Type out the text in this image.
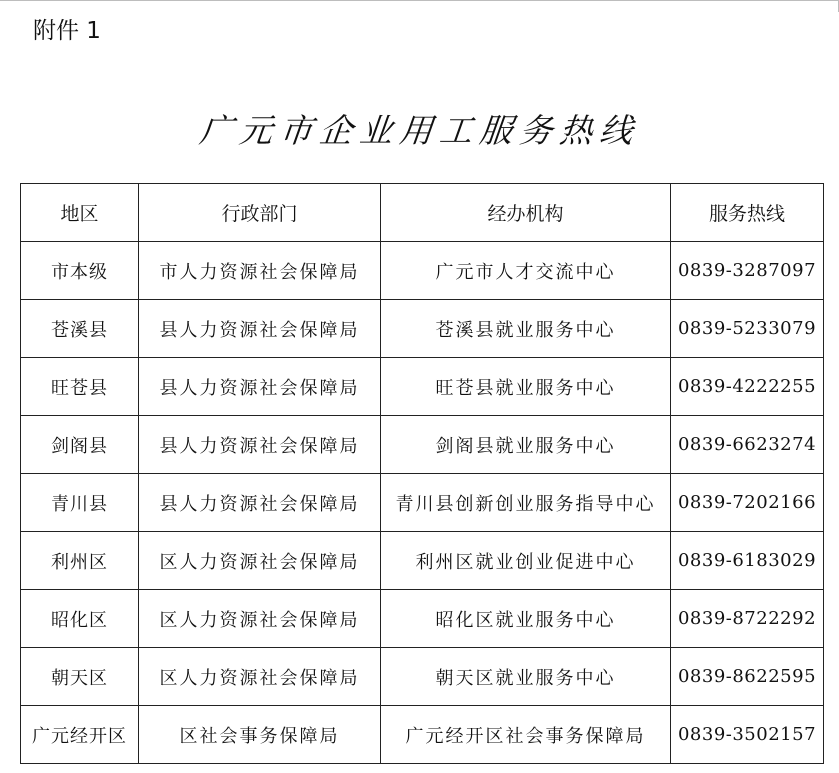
附件 1
广元市企业用工服务热线
地区	行政部门	经办机构	服务热线
市本级	市人力资源社会保障局	广元市人才交流中心	0839-3287097
苍溪县	县人力资源社会保障局	苍溪县就业服务中心	0839-5233079
旺苍县	县人力资源社会保障局	旺苍县就业服务中心	0839-4222255
剑阁县	县人力资源社会保障局	剑阁县就业服务中心	0839-6623274
青川县	县人力资源社会保障局	青川县创新创业服务指导中心	0839-7202166
利州区	区人力资源社会保障局	利州区就业创业促进中心	0839-6183029
昭化区	区人力资源社会保障局	昭化区就业服务中心	0839-8722292
朝天区	区人力资源社会保障局	朝天区就业服务中心	0839-8622595
广元经开区	区社会事务保障局	广元经开区社会事务保障局	0839-3502157
